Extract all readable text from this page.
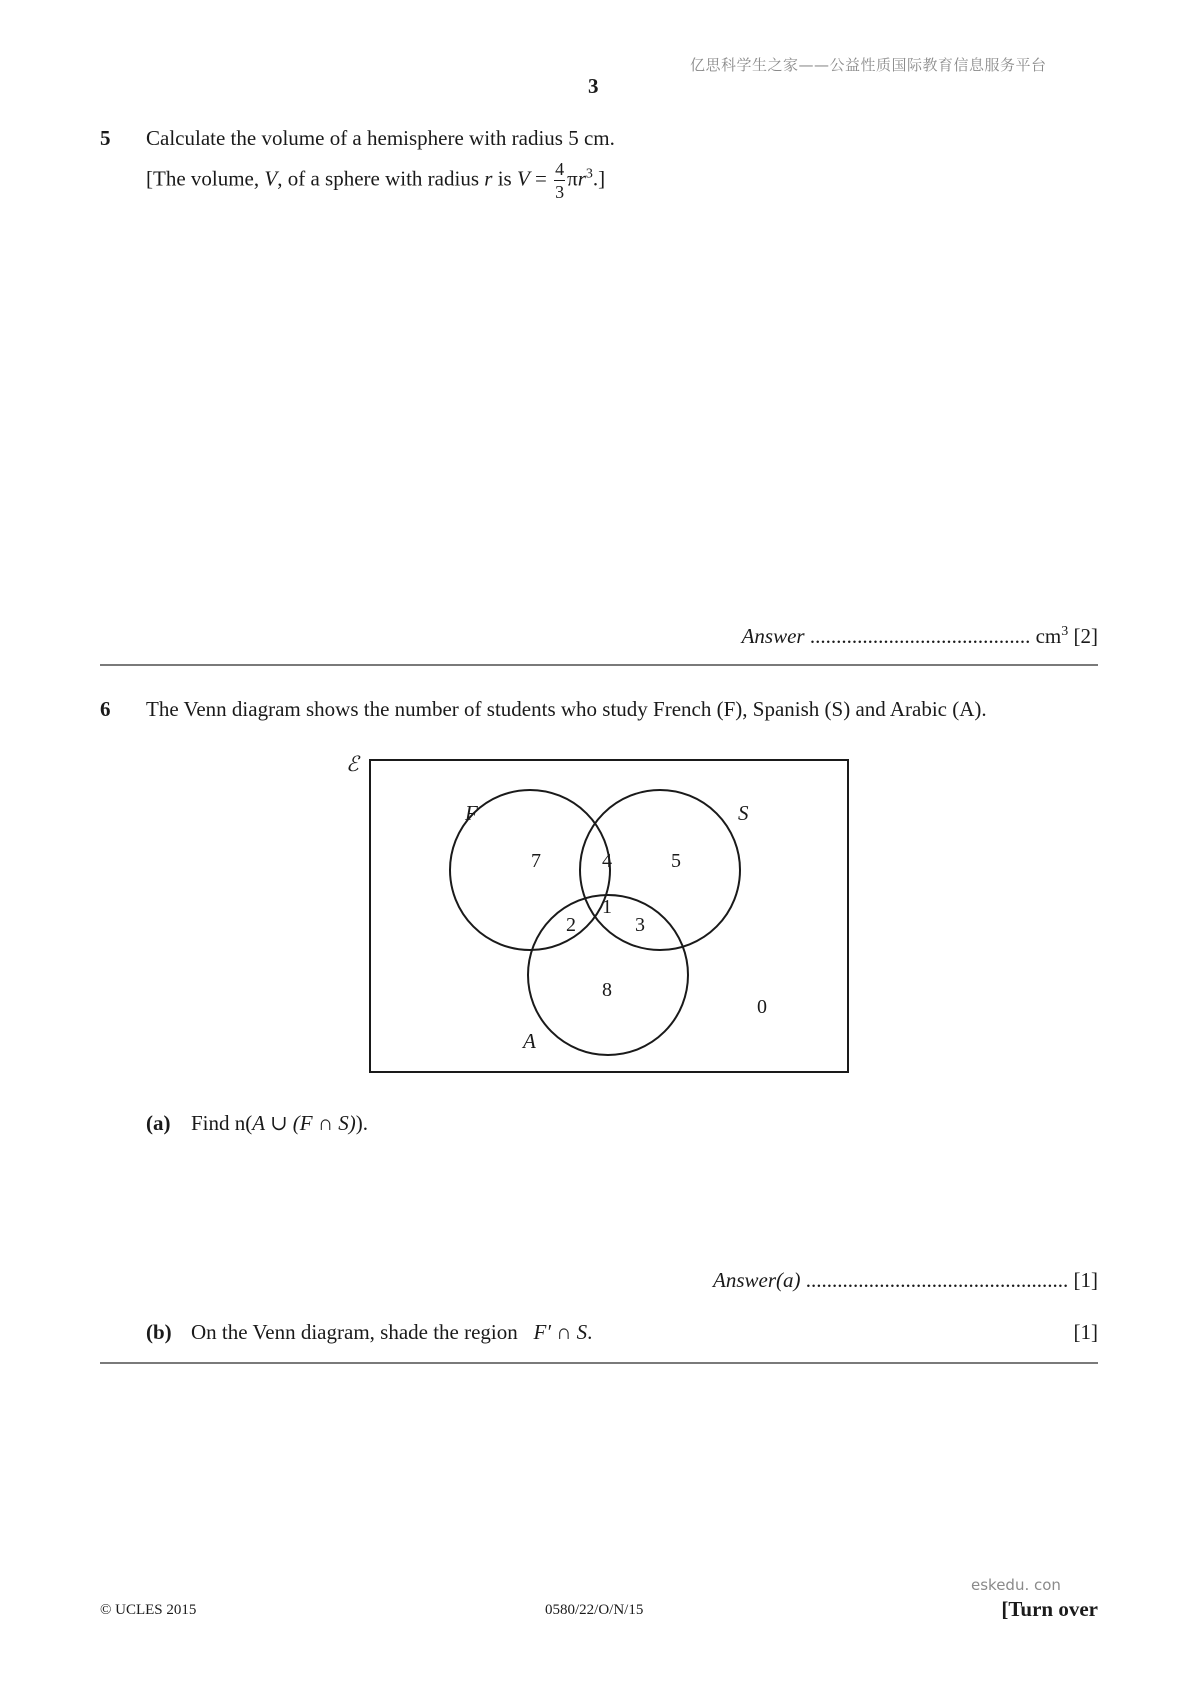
亿思科学生之家——公益性质国际教育信息服务平台
3
5 Calculate the volume of a hemisphere with radius 5 cm.
[The volume, V, of a sphere with radius r is $V = \frac{4}{3} \pi r^3$.]
Answer .......................................... $cm^3$ [2]
6 The Venn diagram shows the number of students who study French (F), Spanish (S) and Arabic (A).
ℰ
F	S
A
7	4	5
1
2	3
8
0
(a) Find n(A ∪ (F ∩ S)).
Answer(a) .................................................. [1]
(b) On the Venn diagram, shade the region F′ ∩ S.	[1]
eskedu. con
© UCLES 2015	0580/22/O/N/15	[Turn over
